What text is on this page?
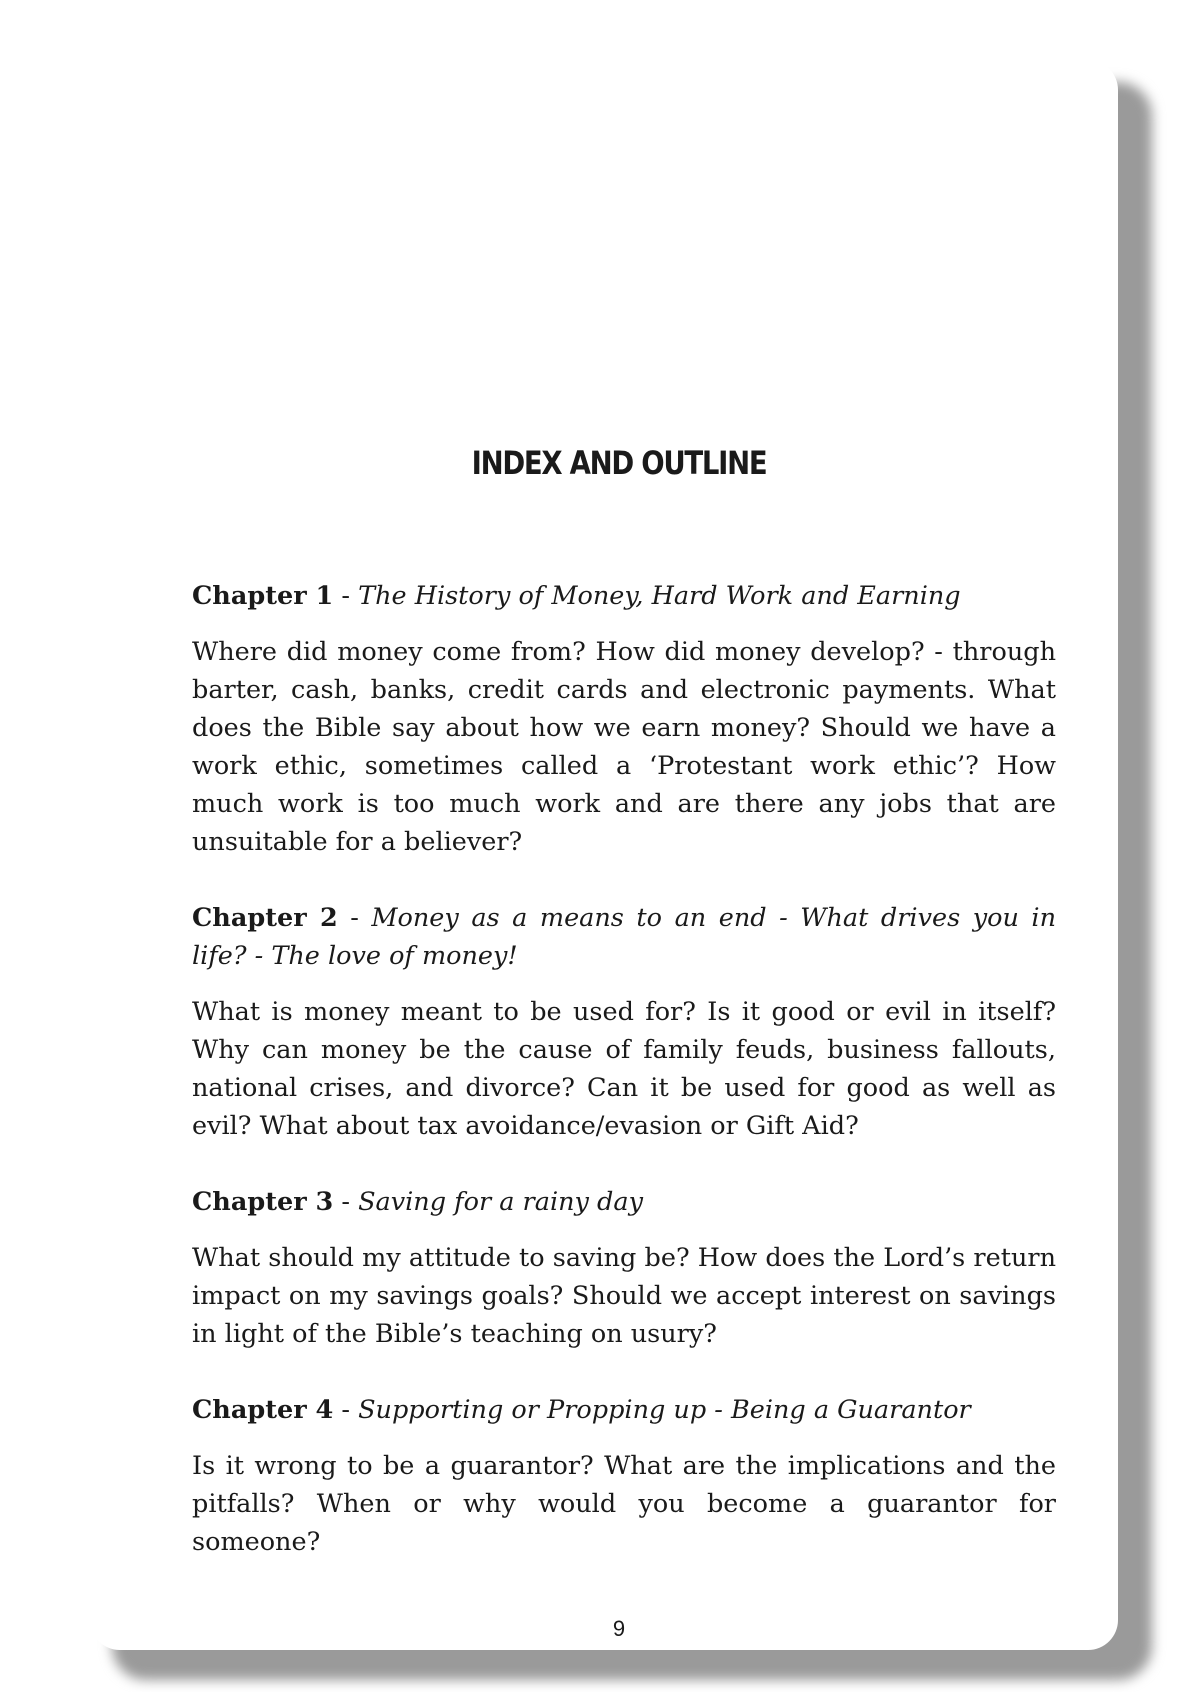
INDEX AND OUTLINE

Chapter 1 - The History of Money, Hard Work and Earning

Where did money come from? How did money develop? - through barter, cash, banks, credit cards and electronic payments. What does the Bible say about how we earn money? Should we have a work ethic, sometimes called a ‘Protestant work ethic’? How much work is too much work and are there any jobs that are unsuitable for a believer?

Chapter 2 - Money as a means to an end - What drives you in life? - The love of money!

What is money meant to be used for? Is it good or evil in itself? Why can money be the cause of family feuds, business fallouts, national crises, and divorce? Can it be used for good as well as evil? What about tax avoidance/evasion or Gift Aid?

Chapter 3 - Saving for a rainy day

What should my attitude to saving be? How does the Lord’s return impact on my savings goals? Should we accept interest on savings in light of the Bible’s teaching on usury?

Chapter 4 - Supporting or Propping up - Being a Guarantor

Is it wrong to be a guarantor? What are the implications and the pitfalls? When or why would you become a guarantor for someone?

9
